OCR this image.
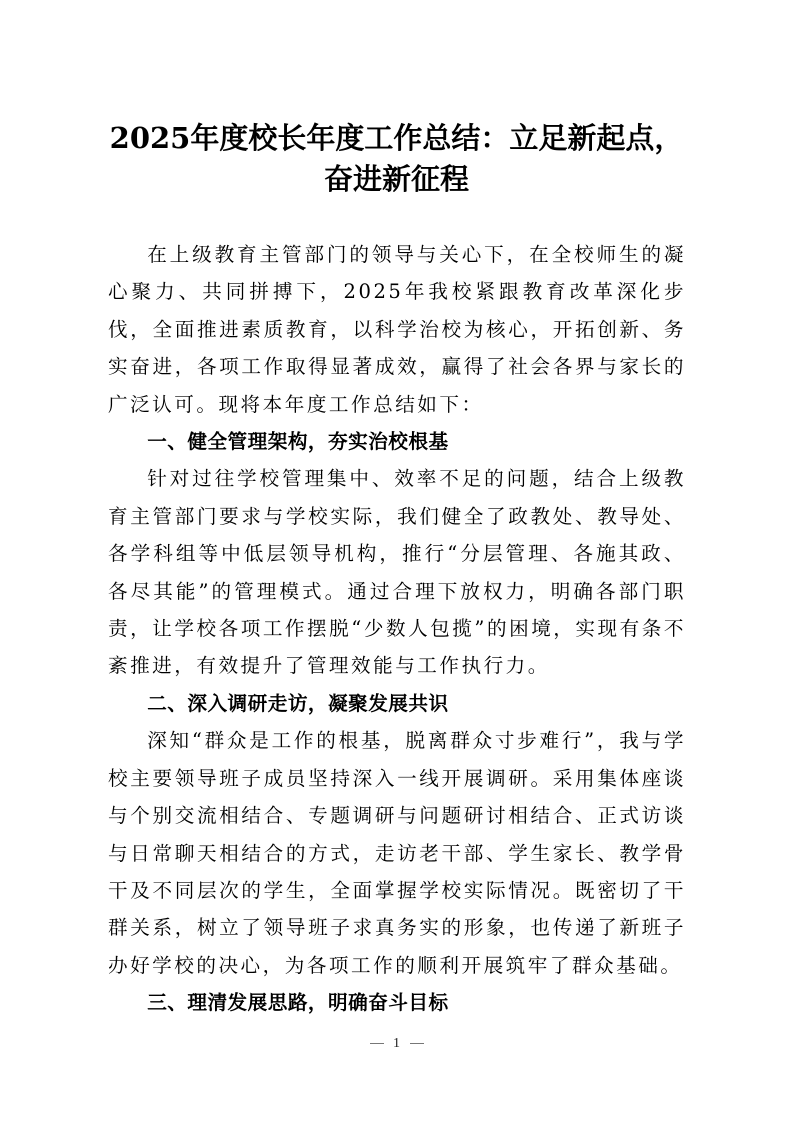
2025年度校长年度工作总结：立足新起点，
奋进新征程

在上级教育主管部门的领导与关心下，在全校师生的凝心聚力、共同拼搏下，2025年我校紧跟教育改革深化步伐，全面推进素质教育，以科学治校为核心，开拓创新、务实奋进，各项工作取得显著成效，赢得了社会各界与家长的广泛认可。现将本年度工作总结如下：

一、健全管理架构，夯实治校根基

针对过往学校管理集中、效率不足的问题，结合上级教育主管部门要求与学校实际，我们健全了政教处、教导处、各学科组等中低层领导机构，推行“分层管理、各施其政、各尽其能”的管理模式。通过合理下放权力，明确各部门职责，让学校各项工作摆脱“少数人包揽”的困境，实现有条不紊推进，有效提升了管理效能与工作执行力。

二、深入调研走访，凝聚发展共识

深知“群众是工作的根基，脱离群众寸步难行”，我与学校主要领导班子成员坚持深入一线开展调研。采用集体座谈与个别交流相结合、专题调研与问题研讨相结合、正式访谈与日常聊天相结合的方式，走访老干部、学生家长、教学骨干及不同层次的学生，全面掌握学校实际情况。既密切了干群关系，树立了领导班子求真务实的形象，也传递了新班子办好学校的决心，为各项工作的顺利开展筑牢了群众基础。

三、理清发展思路，明确奋斗目标
1
